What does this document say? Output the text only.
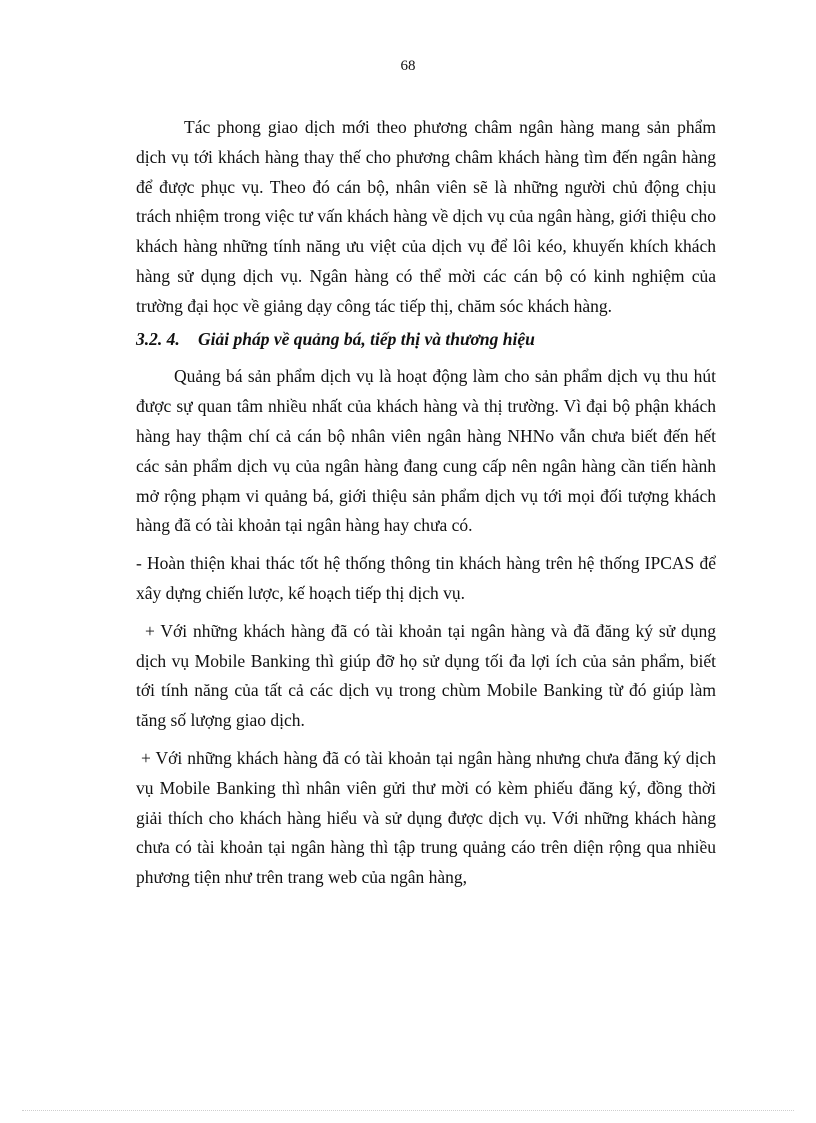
68

Tác phong giao dịch mới theo phương châm ngân hàng mang sản phẩm dịch vụ tới khách hàng thay thế cho phương châm khách hàng tìm đến ngân hàng để được phục vụ. Theo đó cán bộ, nhân viên sẽ là những người chủ động chịu trách nhiệm trong việc tư vấn khách hàng về dịch vụ của ngân hàng, giới thiệu cho khách hàng những tính năng ưu việt của dịch vụ để lôi kéo, khuyến khích khách hàng sử dụng dịch vụ. Ngân hàng có thể mời các cán bộ có kinh nghiệm của trường đại học về giảng dạy công tác tiếp thị, chăm sóc khách hàng.

3.2. 4. Giải pháp về quảng bá, tiếp thị và thương hiệu

Quảng bá sản phẩm dịch vụ là hoạt động làm cho sản phẩm dịch vụ thu hút được sự quan tâm nhiều nhất của khách hàng và thị trường. Vì đại bộ phận khách hàng hay thậm chí cả cán bộ nhân viên ngân hàng NHNo vẫn chưa biết đến hết các sản phẩm dịch vụ của ngân hàng đang cung cấp nên ngân hàng cần tiến hành mở rộng phạm vi quảng bá, giới thiệu sản phẩm dịch vụ tới mọi đối tượng khách hàng đã có tài khoản tại ngân hàng hay chưa có.

- Hoàn thiện khai thác tốt hệ thống thông tin khách hàng trên hệ thống IPCAS để xây dựng chiến lược, kế hoạch tiếp thị dịch vụ.

+ Với những khách hàng đã có tài khoản tại ngân hàng và đã đăng ký sử dụng dịch vụ Mobile Banking thì giúp đỡ họ sử dụng tối đa lợi ích của sản phẩm, biết tới tính năng của tất cả các dịch vụ trong chùm Mobile Banking từ đó giúp làm tăng số lượng giao dịch.

+ Với những khách hàng đã có tài khoản tại ngân hàng nhưng chưa đăng ký dịch vụ Mobile Banking thì nhân viên gửi thư mời có kèm phiếu đăng ký, đồng thời giải thích cho khách hàng hiểu và sử dụng được dịch vụ. Với những khách hàng chưa có tài khoản tại ngân hàng thì tập trung quảng cáo trên diện rộng qua nhiều phương tiện như trên trang web của ngân hàng,
